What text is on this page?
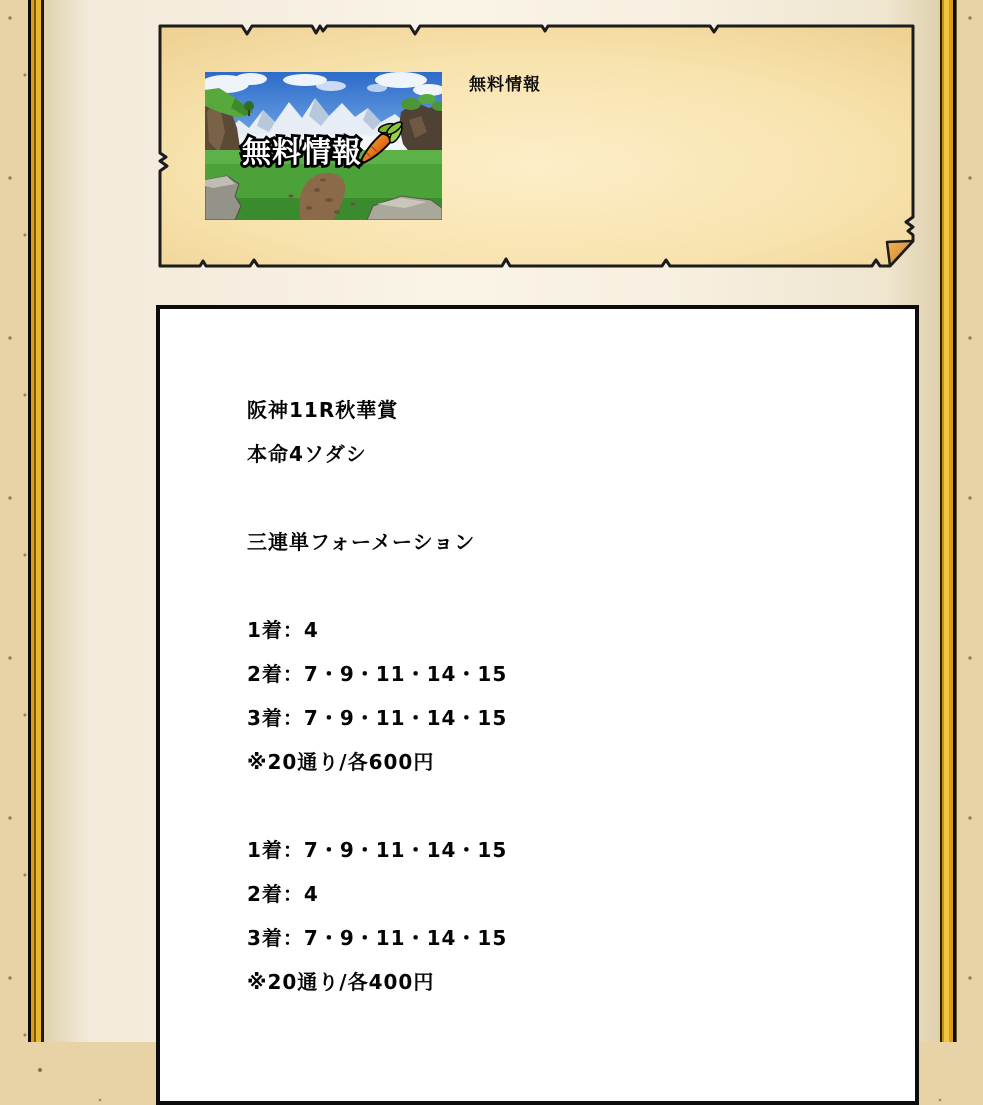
無料情報
無料情報
阪神11R秋華賞
本命4ソダシ
三連単フォーメーション
1着：4
2着：7・9・11・14・15
3着：7・9・11・14・15
※20通り/各600円
1着：7・9・11・14・15
2着：4
3着：7・9・11・14・15
※20通り/各400円
